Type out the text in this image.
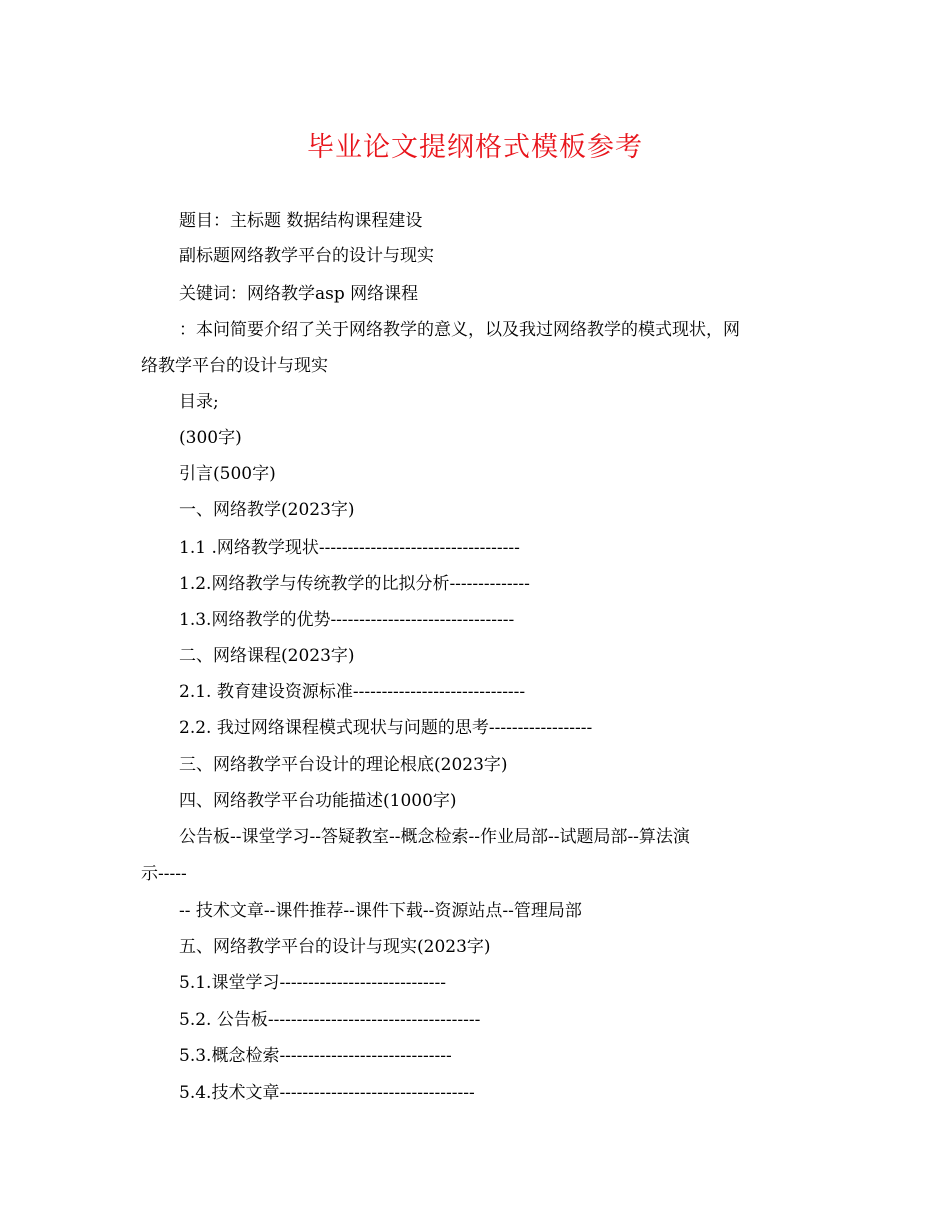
毕业论文提纲格式模板参考
题目：主标题 数据结构课程建设
副标题网络教学平台的设计与现实
关键词：网络教学asp 网络课程
：本问简要介绍了关于网络教学的意义，以及我过网络教学的模式现状，网
络教学平台的设计与现实
目录;
(300字)
引言(500字)
一、网络教学(2023字)
1.1 .网络教学现状-----------------------------------
1.2.网络教学与传统教学的比拟分析--------------
1.3.网络教学的优势--------------------------------
二、网络课程(2023字)
2.1. 教育建设资源标准------------------------------
2.2. 我过网络课程模式现状与问题的思考------------------
三、网络教学平台设计的理论根底(2023字)
四、网络教学平台功能描述(1000字)
公告板--课堂学习--答疑教室--概念检索--作业局部--试题局部--算法演
示-----
-- 技术文章--课件推荐--课件下载--资源站点--管理局部
五、网络教学平台的设计与现实(2023字)
5.1.课堂学习-----------------------------
5.2. 公告板-------------------------------------
5.3.概念检索------------------------------
5.4.技术文章----------------------------------
